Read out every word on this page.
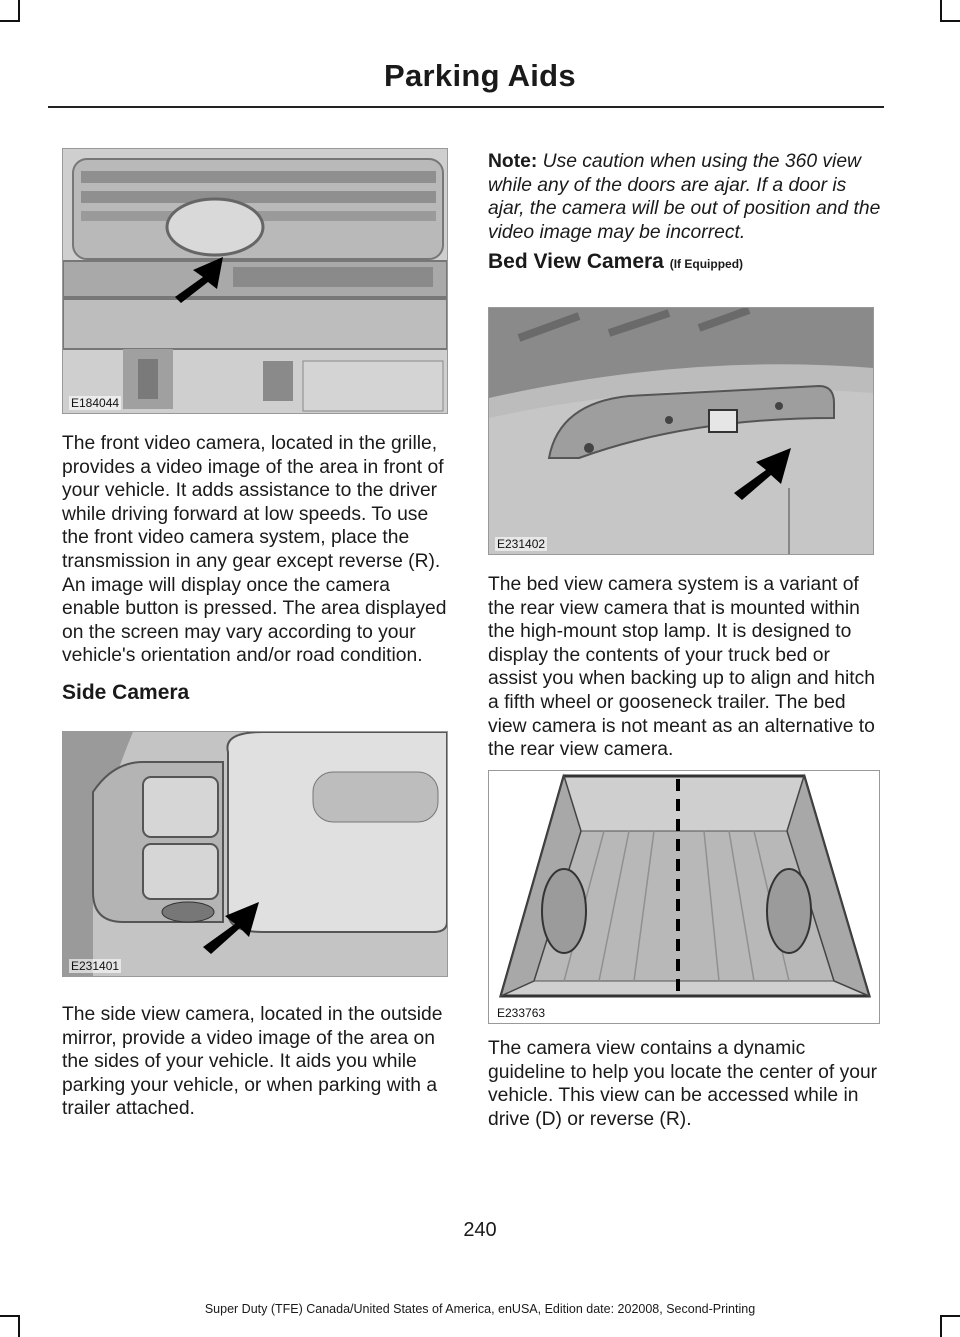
Parking Aids
E184044

The front video camera, located in the grille, provides a video image of the area in front of your vehicle. It adds assistance to the driver while driving forward at low speeds. To use the front video camera system, place the transmission in any gear except reverse (R). An image will display once the camera enable button is pressed. The area displayed on the screen may vary according to your vehicle's orientation and/or road condition.

Side Camera
E231401

The side view camera, located in the outside mirror, provide a video image of the area on the sides of your vehicle. It aids you while parking your vehicle, or when parking with a trailer attached.

Note: Use caution when using the 360 view while any of the doors are ajar. If a door is ajar, the camera will be out of position and the video image may be incorrect.

Bed View Camera (If Equipped)
E231402

The bed view camera system is a variant of the rear view camera that is mounted within the high-mount stop lamp. It is designed to display the contents of your truck bed or assist you when backing up to align and hitch a fifth wheel or gooseneck trailer. The bed view camera is not meant as an alternative to the rear view camera.

E233763

The camera view contains a dynamic guideline to help you locate the center of your vehicle. This view can be accessed while in drive (D) or reverse (R).

240
Super Duty (TFE) Canada/United States of America, enUSA, Edition date: 202008, Second-Printing
